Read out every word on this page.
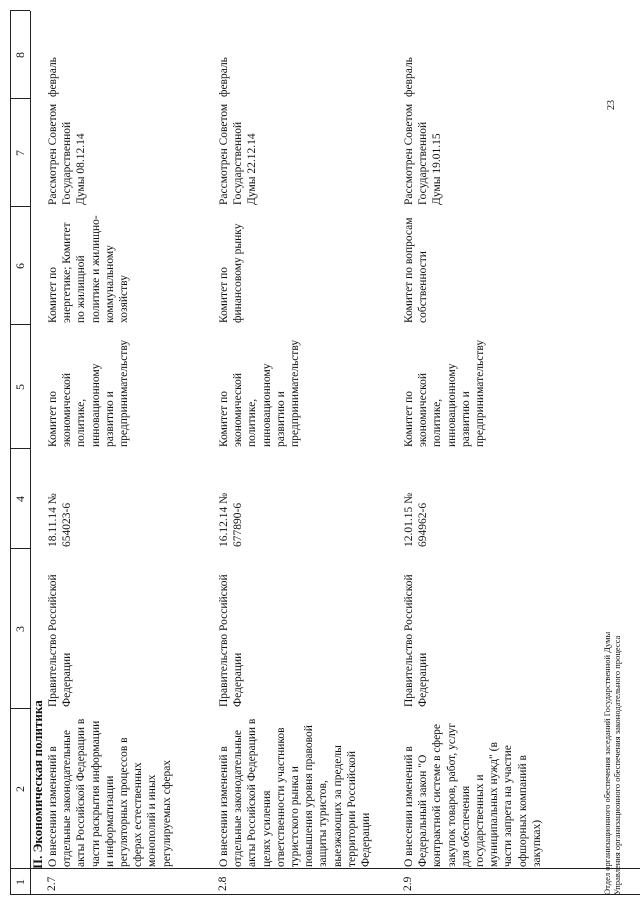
1
2
3
4
5
6
7
8
II. Экономическая политика
2.7
О внесении изменений в отдельные законодательные акты Российской Федерации в части раскрытия информации и информатизации регуляторных процессов в сферах естественных монополий и иных регулируемых сферах
Правительство Российской Федерации
18.11.14 № 654023-6
Комитет по экономической политике, инновационному развитию и предпринимательству
Комитет по энергетике; Комитет по жилищной политике и жилищно-коммунальному хозяйству
Рассмотрен Советом Государственной Думы 08.12.14
февраль
2.8
О внесении изменений в отдельные законодательные акты Российской Федерации в целях усиления ответственности участников туристского рынка и повышения уровня правовой защиты туристов, выезжающих за пределы территории Российской Федерации
Правительство Российской Федерации
16.12.14 № 677890-6
Комитет по экономической политике, инновационному развитию и предпринимательству
Комитет по финансовому рынку
Рассмотрен Советом Государственной Думы 22.12.14
февраль
2.9
О внесении изменений в Федеральный закон "О контрактной системе в сфере закупок товаров, работ, услуг для обеспечения государственных и муниципальных нужд" (в части запрета на участие офшорных компаний в закупках)
Правительство Российской Федерации
12.01.15 № 694962-6
Комитет по экономической политике, инновационному развитию и предпринимательству
Комитет по вопросам собственности
Рассмотрен Советом Государственной Думы 19.01.15
февраль
Отдел организационного обеспечения заседаний Государственной Думы Управления организационного обеспечения законодательного процесса
23
